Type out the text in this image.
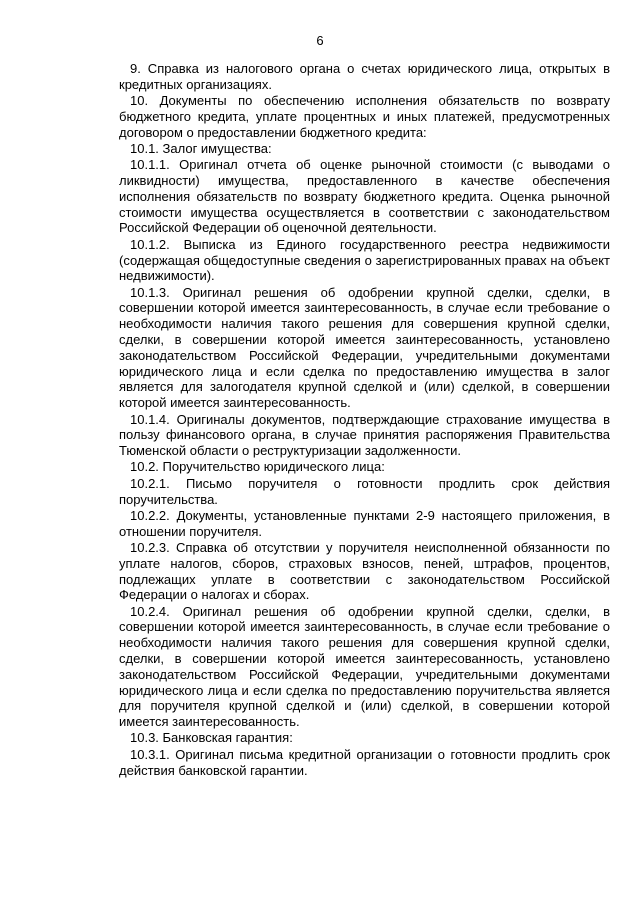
6

9. Справка из налогового органа о счетах юридического лица, открытых в кредитных организациях.

10. Документы по обеспечению исполнения обязательств по возврату бюджетного кредита, уплате процентных и иных платежей, предусмотренных договором о предоставлении бюджетного кредита:

10.1. Залог имущества:

10.1.1. Оригинал отчета об оценке рыночной стоимости (с выводами о ликвидности) имущества, предоставленного в качестве обеспечения исполнения обязательств по возврату бюджетного кредита. Оценка рыночной стоимости имущества осуществляется в соответствии с законодательством Российской Федерации об оценочной деятельности.

10.1.2. Выписка из Единого государственного реестра недвижимости (содержащая общедоступные сведения о зарегистрированных правах на объект недвижимости).

10.1.3. Оригинал решения об одобрении крупной сделки, сделки, в совершении которой имеется заинтересованность, в случае если требование о необходимости наличия такого решения для совершения крупной сделки, сделки, в совершении которой имеется заинтересованность, установлено законодательством Российской Федерации, учредительными документами юридического лица и если сделка по предоставлению имущества в залог является для залогодателя крупной сделкой и (или) сделкой, в совершении которой имеется заинтересованность.

10.1.4. Оригиналы документов, подтверждающие страхование имущества в пользу финансового органа, в случае принятия распоряжения Правительства Тюменской области о реструктуризации задолженности.

10.2. Поручительство юридического лица:

10.2.1. Письмо поручителя о готовности продлить срок действия поручительства.

10.2.2. Документы, установленные пунктами 2-9 настоящего приложения, в отношении поручителя.

10.2.3. Справка об отсутствии у поручителя неисполненной обязанности по уплате налогов, сборов, страховых взносов, пеней, штрафов, процентов, подлежащих уплате в соответствии с законодательством Российской Федерации о налогах и сборах.

10.2.4. Оригинал решения об одобрении крупной сделки, сделки, в совершении которой имеется заинтересованность, в случае если требование о необходимости наличия такого решения для совершения крупной сделки, сделки, в совершении которой имеется заинтересованность, установлено законодательством Российской Федерации, учредительными документами юридического лица и если сделка по предоставлению поручительства является для поручителя крупной сделкой и (или) сделкой, в совершении которой имеется заинтересованность.

10.3. Банковская гарантия:

10.3.1. Оригинал письма кредитной организации о готовности продлить срок действия банковской гарантии.
